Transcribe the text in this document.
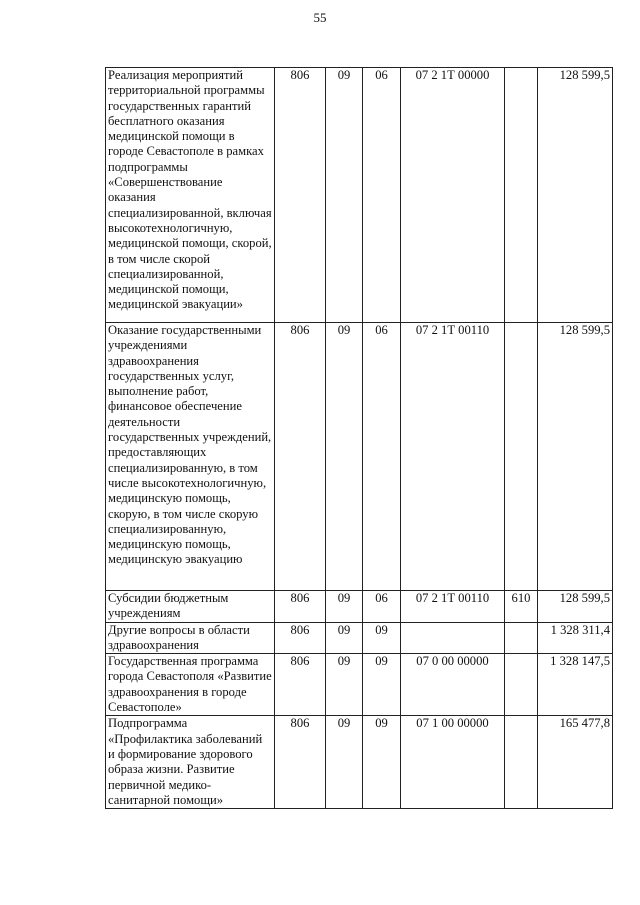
55
Реализация мероприятий территориальной программы государственных гарантий бесплатного оказания медицинской помощи в городе Севастополе в рамках подпрограммы «Совершенствование оказания специализированной, включая высокотехнологичную, медицинской помощи, скорой, в том числе скорой специализированной, медицинской помощи, медицинской эвакуации»	806	09	06	07 2 1Т 00000		128 599,5
Оказание государственными учреждениями здравоохранения государственных услуг, выполнение работ, финансовое обеспечение деятельности государственных учреждений, предоставляющих специализированную, в том числе высокотехнологичную, медицинскую помощь, скорую, в том числе скорую специализированную, медицинскую помощь, медицинскую эвакуацию	806	09	06	07 2 1Т 00110		128 599,5
Субсидии бюджетным учреждениям	806	09	06	07 2 1Т 00110	610	128 599,5
Другие вопросы в области здравоохранения	806	09	09			1 328 311,4
Государственная программа города Севастополя «Развитие здравоохранения в городе Севастополе»	806	09	09	07 0 00 00000		1 328 147,5
Подпрограмма «Профилактика заболеваний и формирование здорового образа жизни. Развитие первичной медико-санитарной помощи»	806	09	09	07 1 00 00000		165 477,8
